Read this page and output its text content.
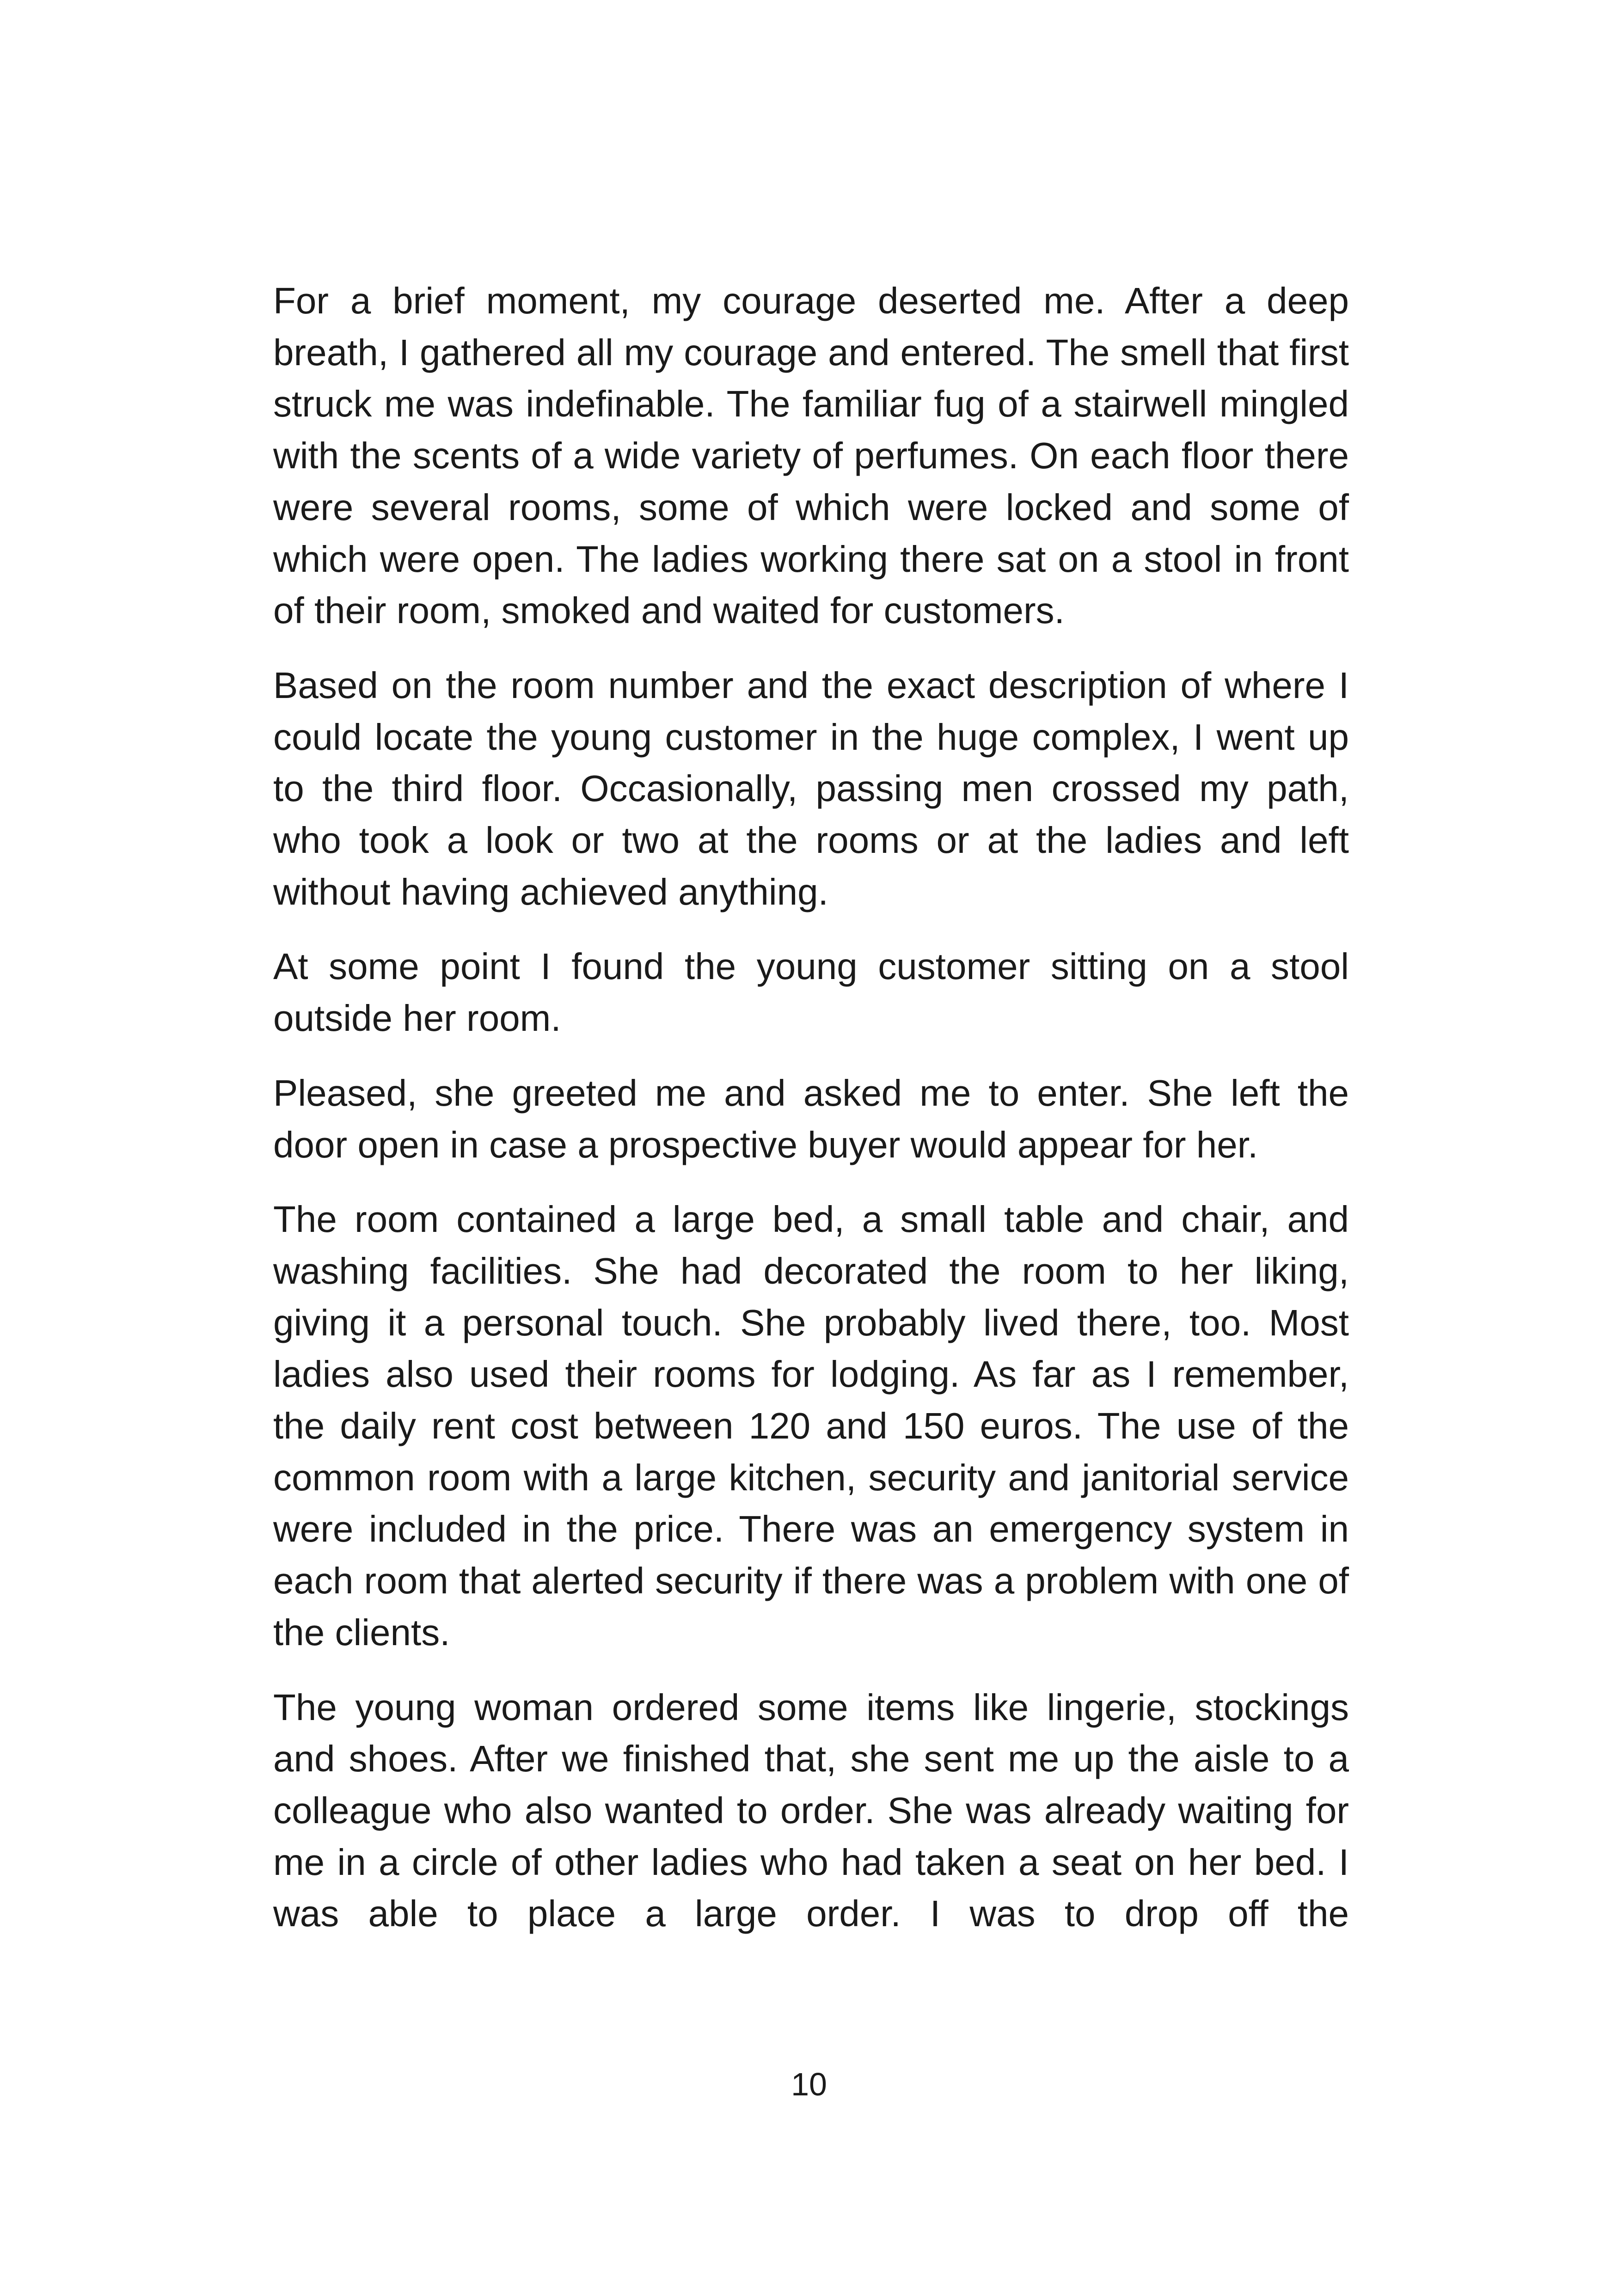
For a brief moment, my courage deserted me. After a deep breath, I gathered all my courage and entered. The smell that first struck me was indefinable. The familiar fug of a stairwell mingled with the scents of a wide variety of perfumes. On each floor there were several rooms, some of which were locked and some of which were open. The ladies working there sat on a stool in front of their room, smoked and waited for customers.

Based on the room number and the exact description of where I could locate the young customer in the huge complex, I went up to the third floor. Occasionally, passing men crossed my path, who took a look or two at the rooms or at the ladies and left without having achieved anything.

At some point I found the young customer sitting on a stool outside her room.

Pleased, she greeted me and asked me to enter. She left the door open in case a prospective buyer would appear for her.

The room contained a large bed, a small table and chair, and washing facilities. She had decorated the room to her liking, giving it a personal touch. She probably lived there, too. Most ladies also used their rooms for lodging. As far as I remember, the daily rent cost between 120 and 150 euros. The use of the common room with a large kitchen, security and janitorial service were included in the price. There was an emergency system in each room that alerted security if there was a problem with one of the clients.

The young woman ordered some items like lingerie, stockings and shoes. After we finished that, she sent me up the aisle to a colleague who also wanted to order. She was already waiting for me in a circle of other ladies who had taken a seat on her bed. I was able to place a large order. I was to drop off the

10
